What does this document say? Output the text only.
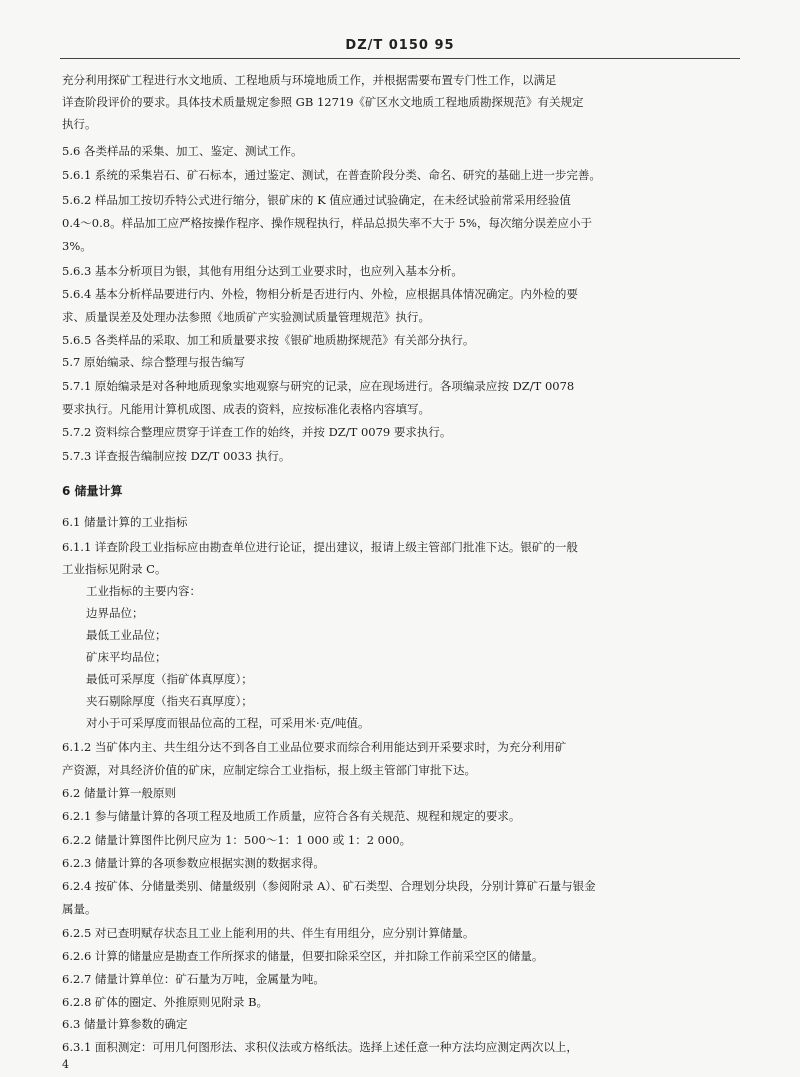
DZ/T 0150 95
充分利用探矿工程进行水文地质、工程地质与环境地质工作，并根据需要布置专门性工作，以满足
详查阶段评价的要求。具体技术质量规定参照 GB 12719《矿区水文地质工程地质勘探规范》有关规定
执行。
5.6 各类样品的采集、加工、鉴定、测试工作。
5.6.1 系统的采集岩石、矿石标本，通过鉴定、测试，在普查阶段分类、命名、研究的基础上进一步完善。
5.6.2 样品加工按切乔特公式进行缩分，银矿床的 K 值应通过试验确定，在未经试验前常采用经验值
0.4～0.8。样品加工应严格按操作程序、操作规程执行，样品总损失率不大于 5%，每次缩分误差应小于
3%。
5.6.3 基本分析项目为银，其他有用组分达到工业要求时，也应列入基本分析。
5.6.4 基本分析样品要进行内、外检，物相分析是否进行内、外检，应根据具体情况确定。内外检的要
求、质量误差及处理办法参照《地质矿产实验测试质量管理规范》执行。
5.6.5 各类样品的采取、加工和质量要求按《银矿地质勘探规范》有关部分执行。
5.7 原始编录、综合整理与报告编写
5.7.1 原始编录是对各种地质现象实地观察与研究的记录，应在现场进行。各项编录应按 DZ/T 0078
要求执行。凡能用计算机成图、成表的资料，应按标准化表格内容填写。
5.7.2 资料综合整理应贯穿于详查工作的始终，并按 DZ/T 0079 要求执行。
5.7.3 详查报告编制应按 DZ/T 0033 执行。
6 储量计算
6.1 储量计算的工业指标
6.1.1 详查阶段工业指标应由勘查单位进行论证，提出建议，报请上级主管部门批准下达。银矿的一般
工业指标见附录 C。
工业指标的主要内容：
边界品位；
最低工业品位；
矿床平均品位；
最低可采厚度（指矿体真厚度）；
夹石剔除厚度（指夹石真厚度）；
对小于可采厚度而银品位高的工程，可采用米·克/吨值。
6.1.2 当矿体内主、共生组分达不到各自工业品位要求而综合利用能达到开采要求时，为充分利用矿
产资源，对具经济价值的矿床，应制定综合工业指标，报上级主管部门审批下达。
6.2 储量计算一般原则
6.2.1 参与储量计算的各项工程及地质工作质量，应符合各有关规范、规程和规定的要求。
6.2.2 储量计算图件比例尺应为 1：500～1：1 000 或 1：2 000。
6.2.3 储量计算的各项参数应根据实测的数据求得。
6.2.4 按矿体、分储量类别、储量级别（参阅附录 A）、矿石类型、合理划分块段，分别计算矿石量与银金
属量。
6.2.5 对已查明赋存状态且工业上能利用的共、伴生有用组分，应分别计算储量。
6.2.6 计算的储量应是勘查工作所探求的储量，但要扣除采空区，并扣除工作前采空区的储量。
6.2.7 储量计算单位：矿石量为万吨，金属量为吨。
6.2.8 矿体的圈定、外推原则见附录 B。
6.3 储量计算参数的确定
6.3.1 面积测定：可用几何图形法、求积仪法或方格纸法。选择上述任意一种方法均应测定两次以上，
4
